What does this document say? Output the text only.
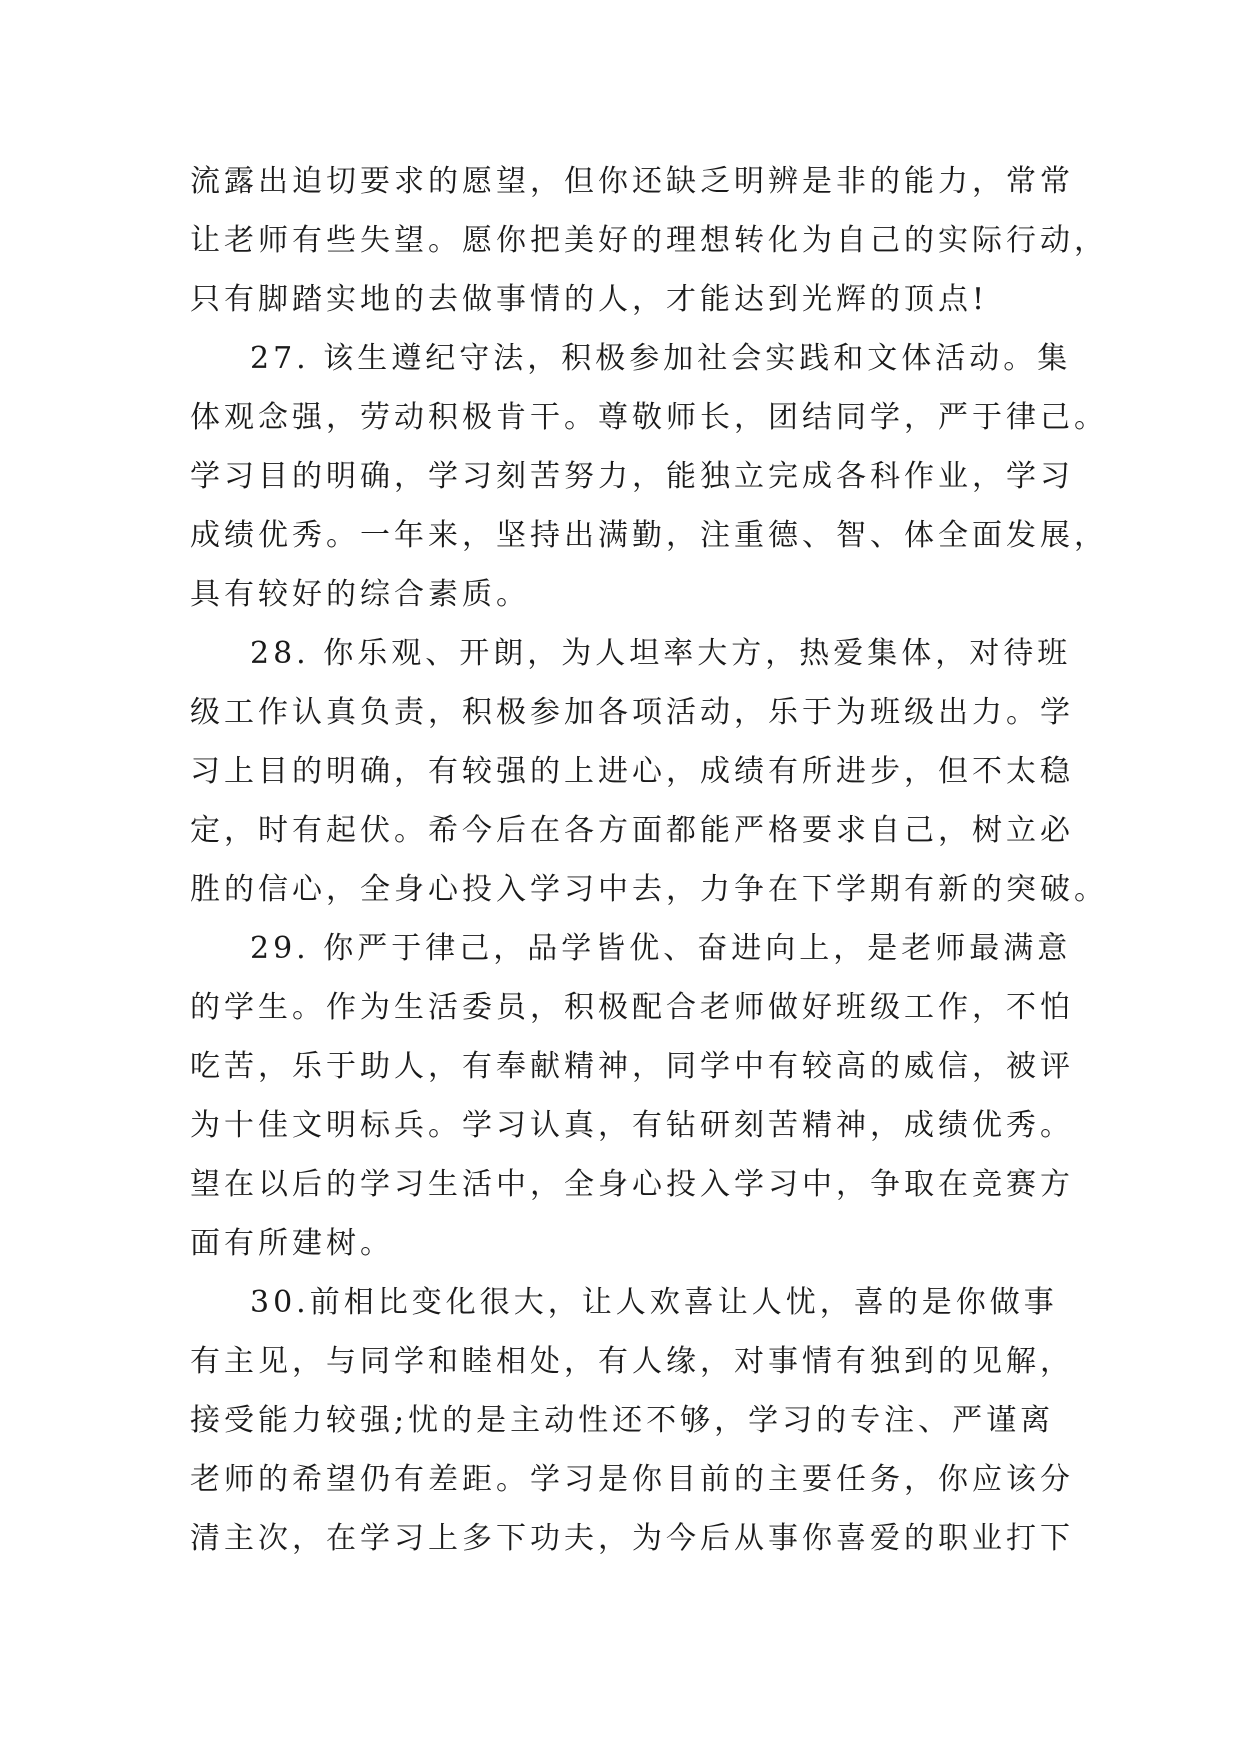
流露出迫切要求的愿望，但你还缺乏明辨是非的能力，常常
让老师有些失望。愿你把美好的理想转化为自己的实际行动，
只有脚踏实地的去做事情的人，才能达到光辉的顶点!
27. 该生遵纪守法，积极参加社会实践和文体活动。集
体观念强，劳动积极肯干。尊敬师长，团结同学，严于律己。
学习目的明确，学习刻苦努力，能独立完成各科作业，学习
成绩优秀。一年来，坚持出满勤，注重德、智、体全面发展，
具有较好的综合素质。
28. 你乐观、开朗，为人坦率大方，热爱集体，对待班
级工作认真负责，积极参加各项活动，乐于为班级出力。学
习上目的明确，有较强的上进心，成绩有所进步，但不太稳
定，时有起伏。希今后在各方面都能严格要求自己，树立必
胜的信心，全身心投入学习中去，力争在下学期有新的突破。
29. 你严于律己，品学皆优、奋进向上，是老师最满意
的学生。作为生活委员，积极配合老师做好班级工作，不怕
吃苦，乐于助人，有奉献精神，同学中有较高的威信，被评
为十佳文明标兵。学习认真，有钻研刻苦精神，成绩优秀。
望在以后的学习生活中，全身心投入学习中，争取在竞赛方
面有所建树。
30.前相比变化很大，让人欢喜让人忧，喜的是你做事
有主见，与同学和睦相处，有人缘，对事情有独到的见解，
接受能力较强;忧的是主动性还不够，学习的专注、严谨离
老师的希望仍有差距。学习是你目前的主要任务，你应该分
清主次，在学习上多下功夫，为今后从事你喜爱的职业打下
